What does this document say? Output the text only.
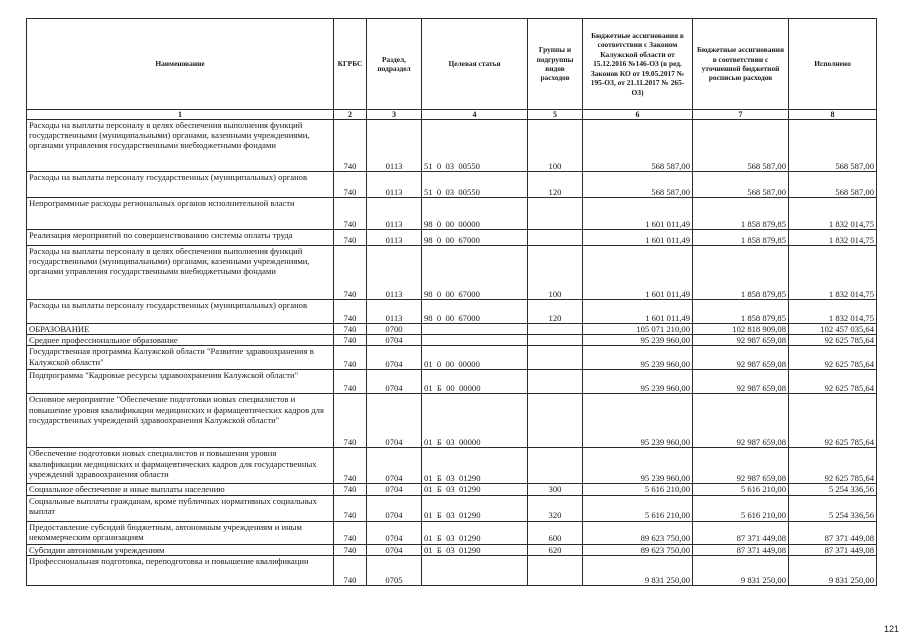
Наименование	КГРБС	Раздел, подраздел	Целевая статья	Группы и подгруппы видов расходов	Бюджетные ассигнования в соответствии с Законом Калужской области от 15.12.2016 №146-ОЗ (в ред. Законов КО от 19.05.2017 № 195-ОЗ, от 21.11.2017 № 265-ОЗ)	Бюджетные ассигнования в соответствии с уточненной бюджетной росписью расходов	Исполнено
1	2	3	4	5	6	7	8
Расходы на выплаты персоналу в целях обеспечения выполнения функций государственными (муниципальными) органами, казенными учреждениями, органами управления государственными внебюджетными фондами	740	0113	51  0  03  00550	100	568 587,00	568 587,00	568 587,00
Расходы на выплаты персоналу государственных (муниципальных) органов	740	0113	51  0  03  00550	120	568 587,00	568 587,00	568 587,00
Непрограммные расходы региональных органов исполнительной власти	740	0113	98  0  00  00000		1 601 011,49	1 858 879,85	1 832 014,75
Реализация мероприятий по совершенствованию системы оплаты труда	740	0113	98  0  00  67000		1 601 011,49	1 858 879,85	1 832 014,75
Расходы на выплаты персоналу в целях обеспечения выполнения функций государственными (муниципальными) органами, казенными учреждениями, органами управления государственными внебюджетными фондами	740	0113	98  0  00  67000	100	1 601 011,49	1 858 879,85	1 832 014,75
Расходы на выплаты персоналу государственных (муниципальных) органов	740	0113	98  0  00  67000	120	1 601 011,49	1 858 879,85	1 832 014,75
ОБРАЗОВАНИЕ	740	0700			105 071 210,00	102 818 909,08	102 457 035,64
Среднее профессиональное образование	740	0704			95 239 960,00	92 987 659,08	92 625 785,64
Государственная программа Калужской области "Развитие здравоохранения в Калужской области"	740	0704	01  0  00  00000		95 239 960,00	92 987 659,08	92 625 785,64
Подпрограмма "Кадровые ресурсы здравоохранения Калужской области"	740	0704	01  Б  00  00000		95 239 960,00	92 987 659,08	92 625 785,64
Основное мероприятие "Обеспечение подготовки новых специалистов и повышение уровня квалификации медицинских и фармацевтических кадров для государственных учреждений здравоохранения Калужской области"	740	0704	01  Б  03  00000		95 239 960,00	92 987 659,08	92 625 785,64
Обеспечение подготовки новых специалистов и повышения уровня квалификации медицинских и фармацевтических кадров для государственных учреждений здравоохранения области	740	0704	01  Б  03  01290		95 239 960,00	92 987 659,08	92 625 785,64
Социальное обеспечение и иные выплаты населению	740	0704	01  Б  03  01290	300	5 616 210,00	5 616 210,00	5 254 336,56
Социальные выплаты гражданам, кроме публичных нормативных социальных выплат	740	0704	01  Б  03  01290	320	5 616 210,00	5 616 210,00	5 254 336,56
Предоставление субсидий бюджетным, автономным учреждениям и иным некоммерческим организациям	740	0704	01  Б  03  01290	600	89 623 750,00	87 371 449,08	87 371 449,08
Субсидии автономным учреждениям	740	0704	01  Б  03  01290	620	89 623 750,00	87 371 449,08	87 371 449,08
Профессиональная подготовка, переподготовка и повышение квалификации	740	0705			9 831 250,00	9 831 250,00	9 831 250,00
121
